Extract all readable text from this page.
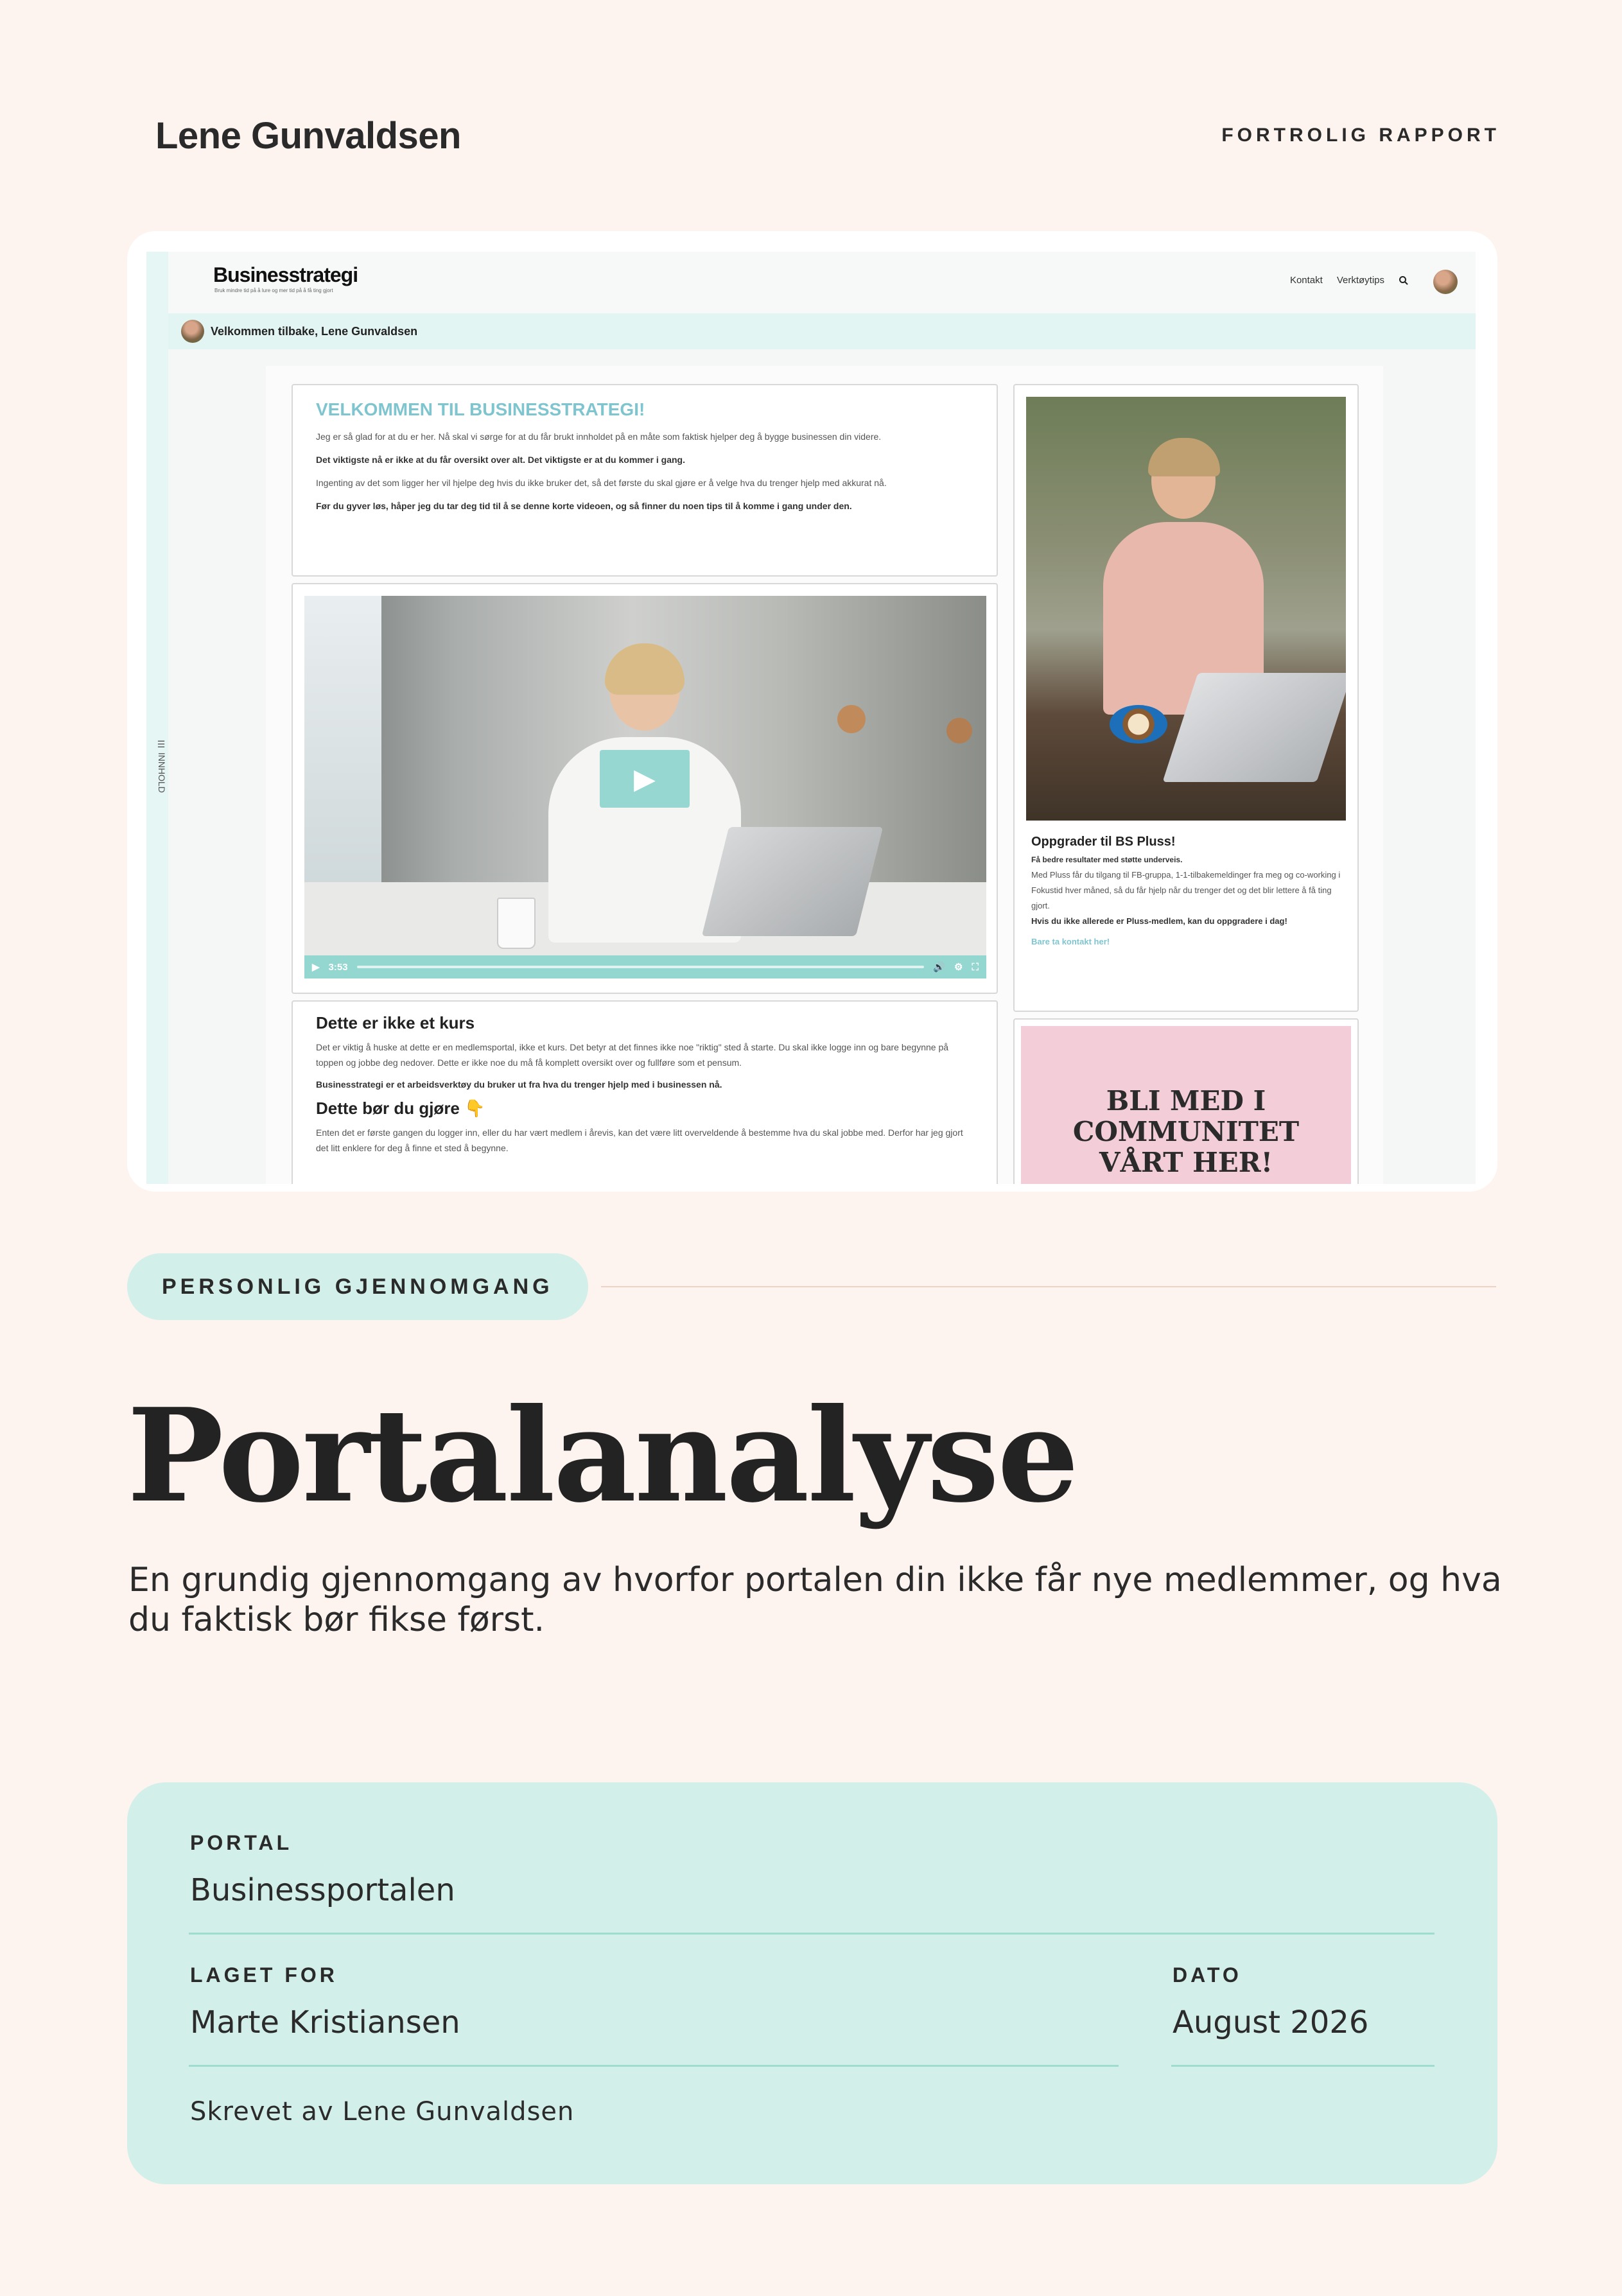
Lene Gunvaldsen	FORTROLIG RAPPORT
☰ INNHOLD
Businesstrategi
Bruk mindre tid på å lure og mer tid på å få ting gjort
Kontakt Verktøytips
Velkommen tilbake, Lene Gunvaldsen
VELKOMMEN TIL BUSINESSTRATEGI!

Jeg er så glad for at du er her. Nå skal vi sørge for at du får brukt innholdet på en måte som faktisk hjelper deg å bygge businessen din videre.

Det viktigste nå er ikke at du får oversikt over alt. Det viktigste er at du kommer i gang.

Ingenting av det som ligger her vil hjelpe deg hvis du ikke bruker det, så det første du skal gjøre er å velge hva du trenger hjelp med akkurat nå.

Før du gyver løs, håper jeg du tar deg tid til å se denne korte videoen, og så finner du noen tips til å komme i gang under den.

▶
▶ 3:53	🔊 ⚙ ⛶
Dette er ikke et kurs

Det er viktig å huske at dette er en medlemsportal, ikke et kurs. Det betyr at det finnes ikke noe "riktig" sted å starte. Du skal ikke logge inn og bare begynne på toppen og jobbe deg nedover. Dette er ikke noe du må få komplett oversikt over og fullføre som et pensum.

Businesstrategi er et arbeidsverktøy du bruker ut fra hva du trenger hjelp med i businessen nå.

Dette bør du gjøre 👇

Enten det er første gangen du logger inn, eller du har vært medlem i årevis, kan det være litt overveldende å bestemme hva du skal jobbe med. Derfor har jeg gjort det litt enklere for deg å finne et sted å begynne.

Oppgrader til BS Pluss!

Få bedre resultater med støtte underveis.

Med Pluss får du tilgang til FB-gruppa, 1-1-tilbakemeldinger fra meg og co-working i Fokustid hver måned, så du får hjelp når du trenger det og det blir lettere å få ting gjort.

Hvis du ikke allerede er Pluss-medlem, kan du oppgradere i dag!

Bare ta kontakt her!

BLI MED I COMMUNITET VÅRT HER!
PERSONLIG GJENNOMGANG
Portalanalyse
En grundig gjennomgang av hvorfor portalen din ikke får nye medlemmer, og hva du faktisk bør fikse først.
PORTAL
Businessportalen
LAGET FOR
Marte Kristiansen
DATO
August 2026
Skrevet av Lene Gunvaldsen
